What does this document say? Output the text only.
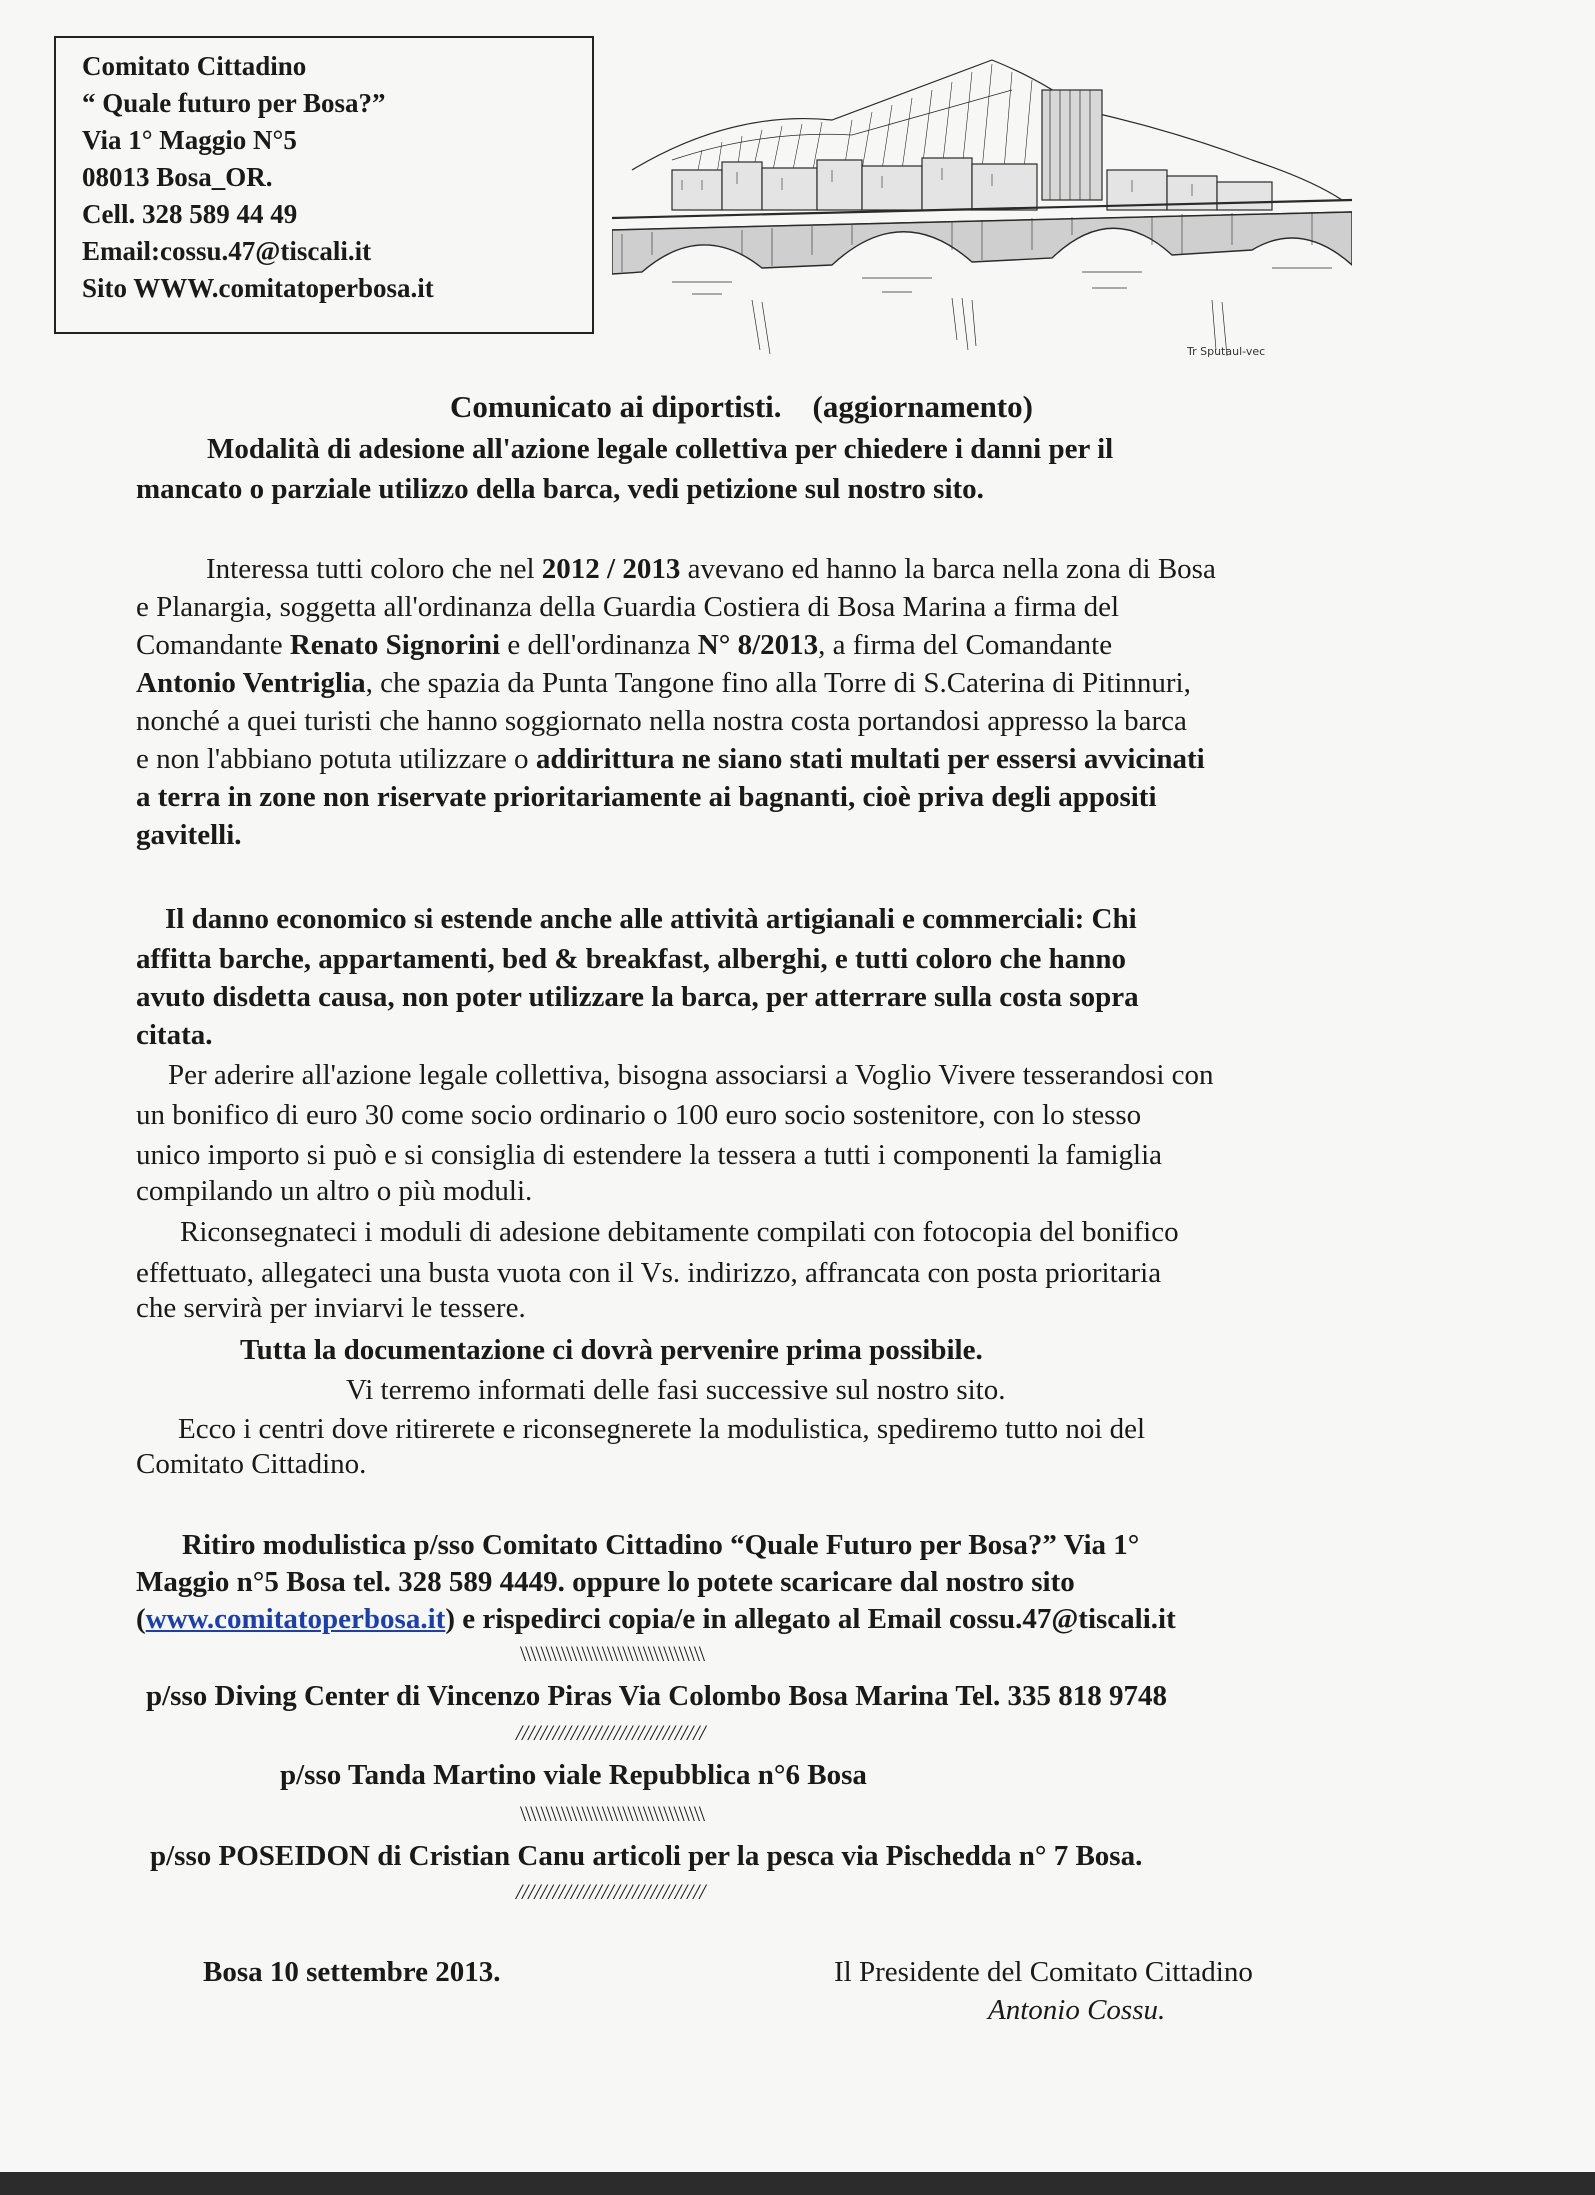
Comitato Cittadino
“ Quale futuro per Bosa?”
Via 1° Maggio N°5
08013 Bosa_OR.
Cell. 328 589 44 49
Email:cossu.47@tiscali.it
Sito WWW.comitatoperbosa.it
Tr Sputaul-vec
Comunicato ai diportisti. (aggiornamento)
Modalità di adesione all'azione legale collettiva per chiedere i danni per il
mancato o parziale utilizzo della barca, vedi petizione sul nostro sito.
Interessa tutti coloro che nel 2012 / 2013 avevano ed hanno la barca nella zona di Bosa
e Planargia, soggetta all'ordinanza della Guardia Costiera di Bosa Marina a firma del
Comandante Renato Signorini e dell'ordinanza N° 8/2013, a firma del Comandante
Antonio Ventriglia, che spazia da Punta Tangone fino alla Torre di S.Caterina di Pitinnuri,
nonché a quei turisti che hanno soggiornato nella nostra costa portandosi appresso la barca
e non l'abbiano potuta utilizzare o addirittura ne siano stati multati per essersi avvicinati
a terra in zone non riservate prioritariamente ai bagnanti, cioè priva degli appositi
gavitelli.
Il danno economico si estende anche alle attività artigianali e commerciali: Chi
affitta barche, appartamenti, bed & breakfast, alberghi, e tutti coloro che hanno
avuto disdetta causa, non poter utilizzare la barca, per atterrare sulla costa sopra
citata.
Per aderire all'azione legale collettiva, bisogna associarsi a Voglio Vivere tesserandosi con
un bonifico di euro 30 come socio ordinario o 100 euro socio sostenitore, con lo stesso
unico importo si può e si consiglia di estendere la tessera a tutti i componenti la famiglia
compilando un altro o più moduli.
Riconsegnateci i moduli di adesione debitamente compilati con fotocopia del bonifico
effettuato, allegateci una busta vuota con il Vs. indirizzo, affrancata con posta prioritaria
che servirà per inviarvi le tessere.
Tutta la documentazione ci dovrà pervenire prima possibile.
Vi terremo informati delle fasi successive sul nostro sito.
Ecco i centri dove ritirerete e riconsegnerete la modulistica, spediremo tutto noi del
Comitato Cittadino.
Ritiro modulistica p/sso Comitato Cittadino “Quale Futuro per Bosa?” Via 1°
Maggio n°5 Bosa tel. 328 589 4449. oppure lo potete scaricare dal nostro sito
(www.comitatoperbosa.it) e rispedirci copia/e in allegato al Email cossu.47@tiscali.it
\\\\\\\\\\\\\\\\\\\\\\\\\\\\\\\\\\\\
p/sso Diving Center di Vincenzo Piras Via Colombo Bosa Marina Tel. 335 818 9748
///////////////////////////////
p/sso Tanda Martino viale Repubblica n°6 Bosa
\\\\\\\\\\\\\\\\\\\\\\\\\\\\\\\\\\\\
p/sso POSEIDON di Cristian Canu articoli per la pesca via Pischedda n° 7 Bosa.
///////////////////////////////
Bosa 10 settembre 2013.	Il Presidente del Comitato Cittadino
Antonio Cossu.
